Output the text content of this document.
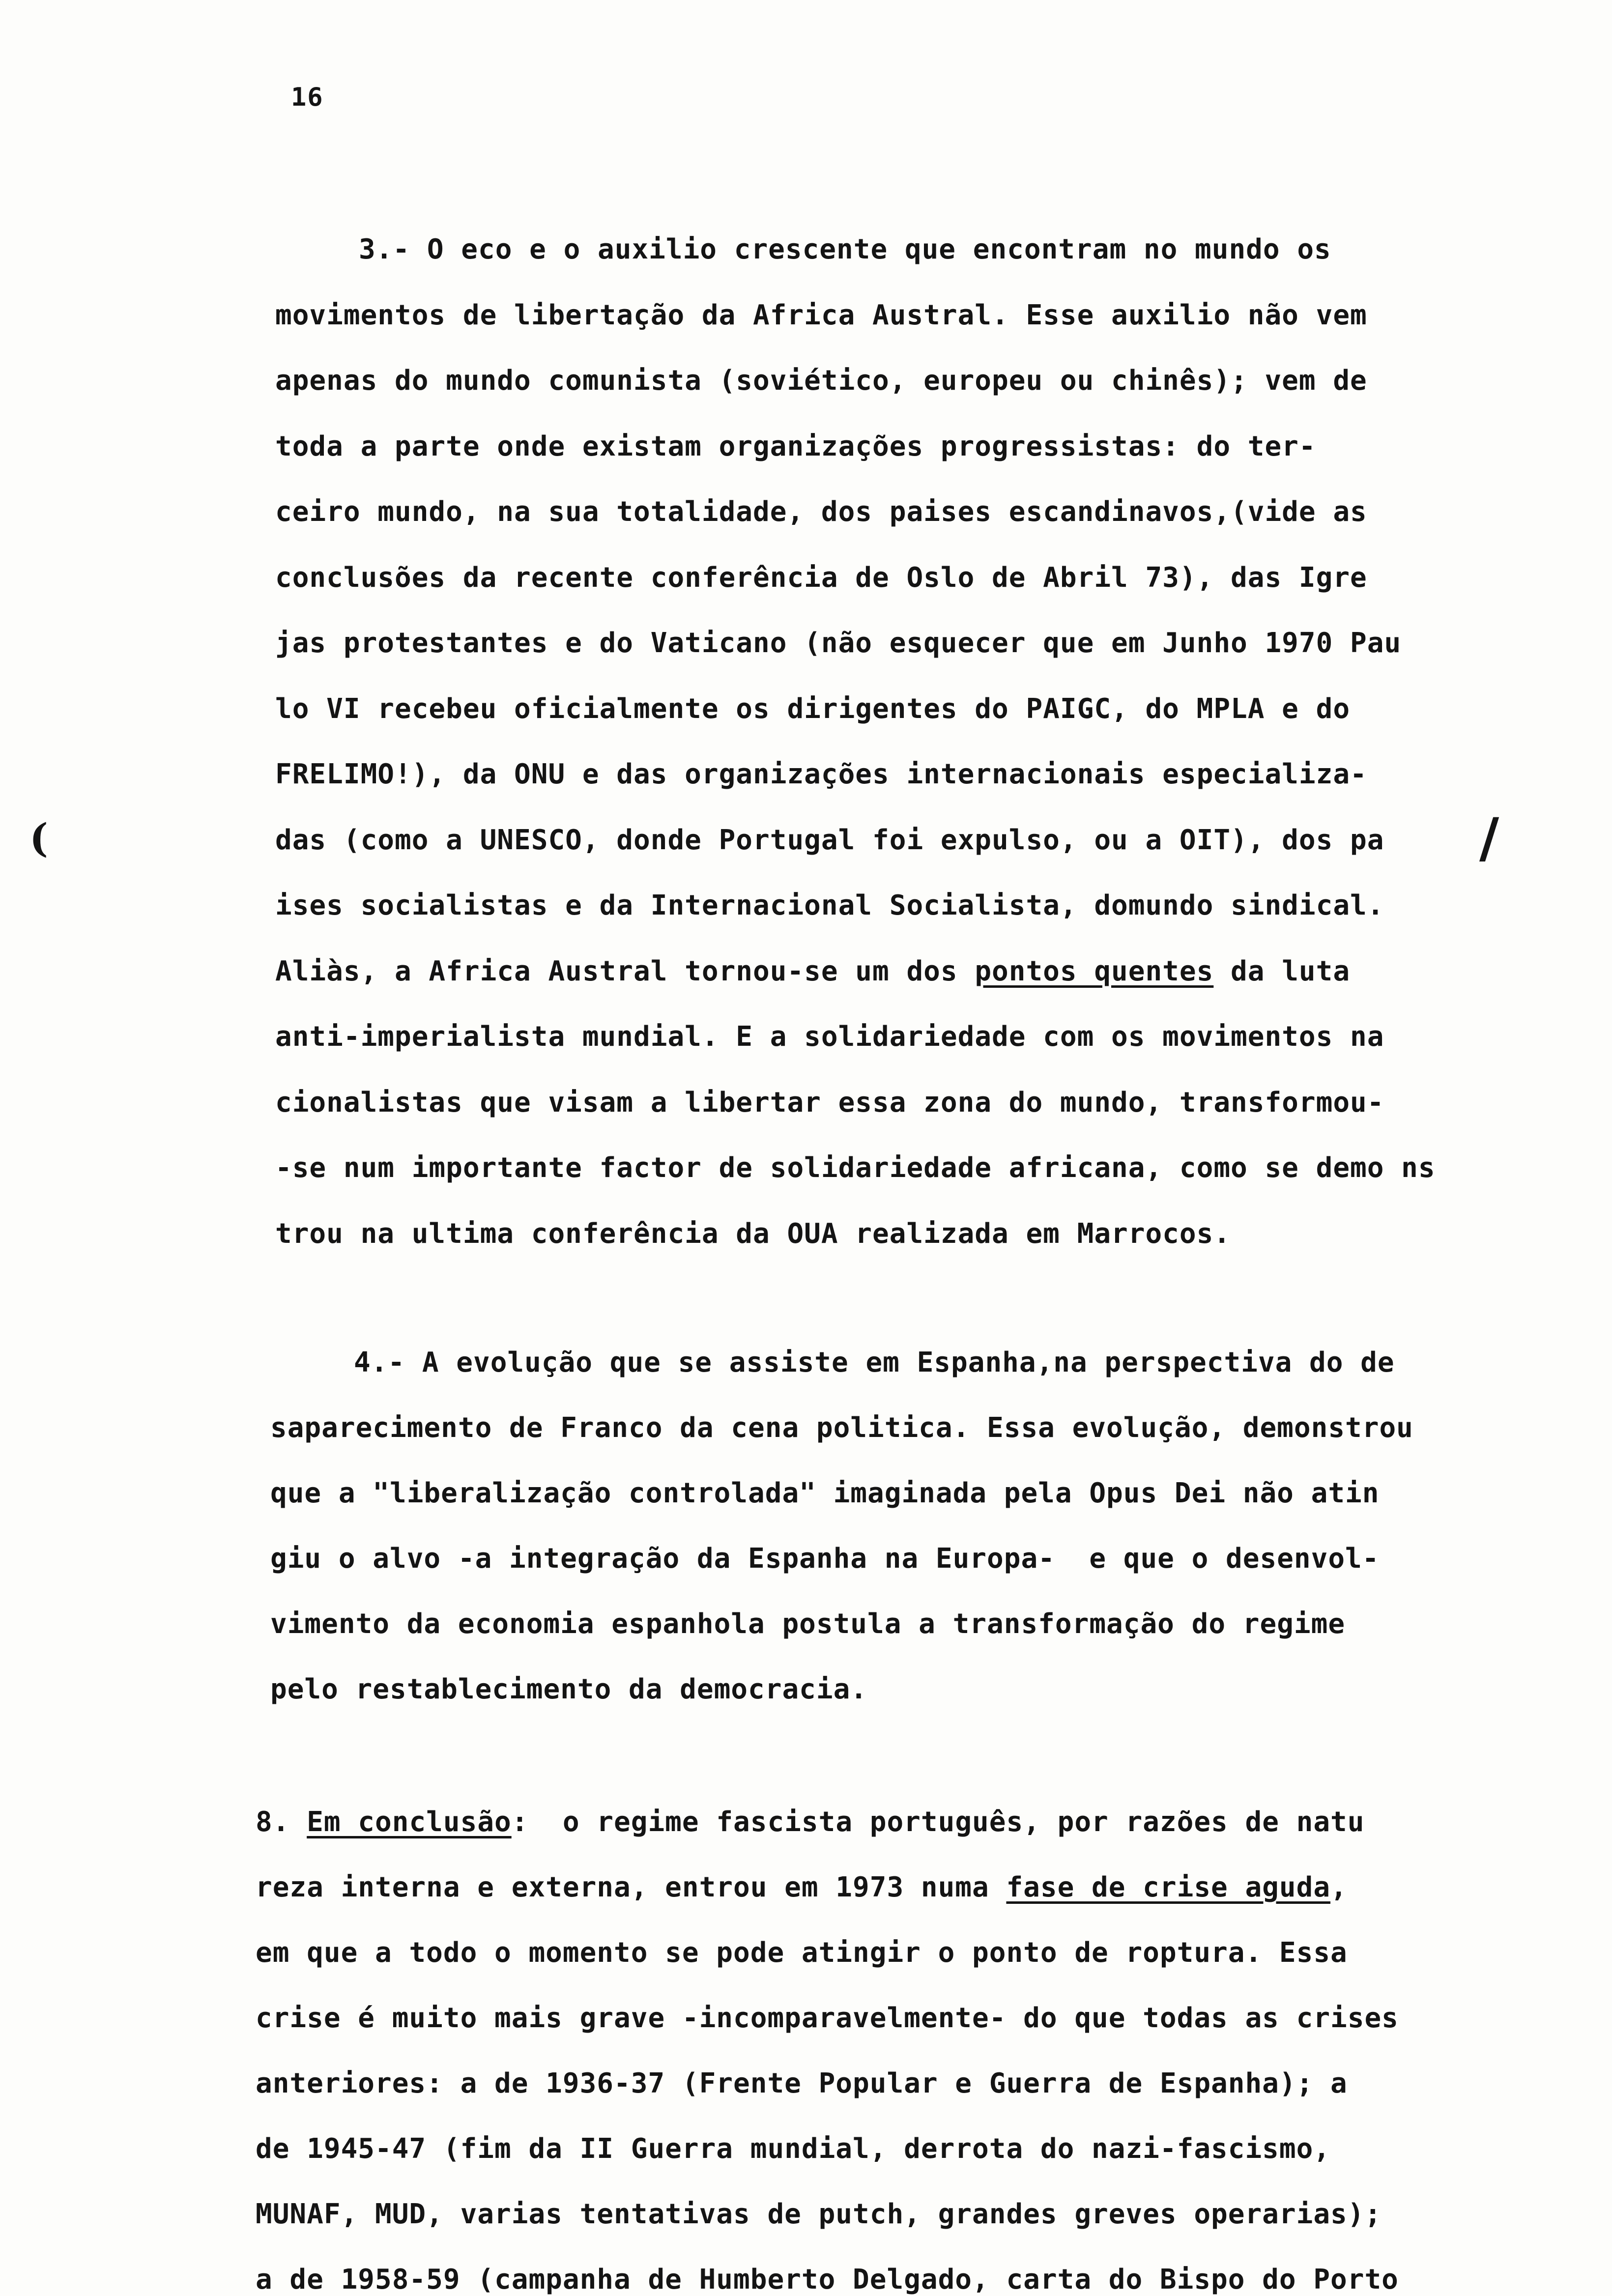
16
(	/
3.- O eco e o auxilio crescente que encontram no mundo os
movimentos de libertação da Africa Austral. Esse auxilio não vem
apenas do mundo comunista (soviético, europeu ou chinês); vem de
toda a parte onde existam organizações progressistas: do ter-
ceiro mundo, na sua totalidade, dos paises escandinavos,(vide as
conclusões da recente conferência de Oslo de Abril 73), das Igre
jas protestantes e do Vaticano (não esquecer que em Junho 1970 Pau
lo VI recebeu oficialmente os dirigentes do PAIGC, do MPLA e do
FRELIMO!), da ONU e das organizações internacionais especializa-
das (como a UNESCO, donde Portugal foi expulso, ou a OIT), dos pa
ises socialistas e da Internacional Socialista, domundo sindical.
Aliàs, a Africa Austral tornou-se um dos pontos quentes da luta
anti-imperialista mundial. E a solidariedade com os movimentos na
cionalistas que visam a libertar essa zona do mundo, transformou-
-se num importante factor de solidariedade africana, como se demo ns
trou na ultima conferência da OUA realizada em Marrocos.
4.- A evolução que se assiste em Espanha,na perspectiva do de
saparecimento de Franco da cena politica. Essa evolução, demonstrou
que a "liberalização controlada" imaginada pela Opus Dei não atin
giu o alvo -a integração da Espanha na Europa-  e que o desenvol-
vimento da economia espanhola postula a transformação do regime
pelo restablecimento da democracia.
8. Em conclusão:  o regime fascista português, por razões de natu
reza interna e externa, entrou em 1973 numa fase de crise aguda,
em que a todo o momento se pode atingir o ponto de roptura. Essa
crise é muito mais grave -incomparavelmente- do que todas as crises
anteriores: a de 1936-37 (Frente Popular e Guerra de Espanha); a
de 1945-47 (fim da II Guerra mundial, derrota do nazi-fascismo,
MUNAF, MUD, varias tentativas de putch, grandes greves operarias);
a de 1958-59 (campanha de Humberto Delgado, carta do Bispo do Porto
